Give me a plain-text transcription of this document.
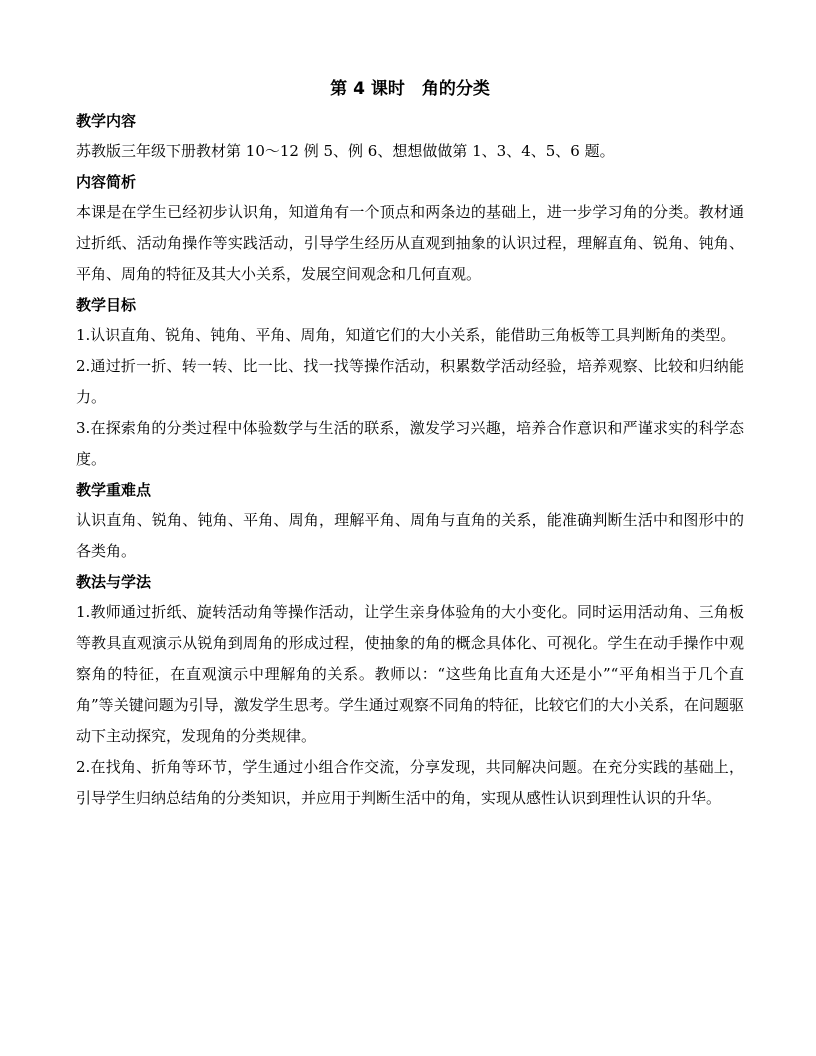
第 4 课时　角的分类
教学内容

苏教版三年级下册教材第 10～12 例 5、例 6、想想做做第 1、3、4、5、6 题。

内容简析

本课是在学生已经初步认识角，知道角有一个顶点和两条边的基础上，进一步学习角的分类。教材通过折纸、活动角操作等实践活动，引导学生经历从直观到抽象的认识过程，理解直角、锐角、钝角、平角、周角的特征及其大小关系，发展空间观念和几何直观。

教学目标

1.认识直角、锐角、钝角、平角、周角，知道它们的大小关系，能借助三角板等工具判断角的类型。

2.通过折一折、转一转、比一比、找一找等操作活动，积累数学活动经验，培养观察、比较和归纳能力。

3.在探索角的分类过程中体验数学与生活的联系，激发学习兴趣，培养合作意识和严谨求实的科学态度。

教学重难点

认识直角、锐角、钝角、平角、周角，理解平角、周角与直角的关系，能准确判断生活中和图形中的各类角。

教法与学法

1.教师通过折纸、旋转活动角等操作活动，让学生亲身体验角的大小变化。同时运用活动角、三角板等教具直观演示从锐角到周角的形成过程，使抽象的角的概念具体化、可视化。学生在动手操作中观察角的特征，在直观演示中理解角的关系。教师以：“这些角比直角大还是小”“平角相当于几个直角”等关键问题为引导，激发学生思考。学生通过观察不同角的特征，比较它们的大小关系，在问题驱动下主动探究，发现角的分类规律。

2.在找角、折角等环节，学生通过小组合作交流，分享发现，共同解决问题。在充分实践的基础上，引导学生归纳总结角的分类知识，并应用于判断生活中的角，实现从感性认识到理性认识的升华。
